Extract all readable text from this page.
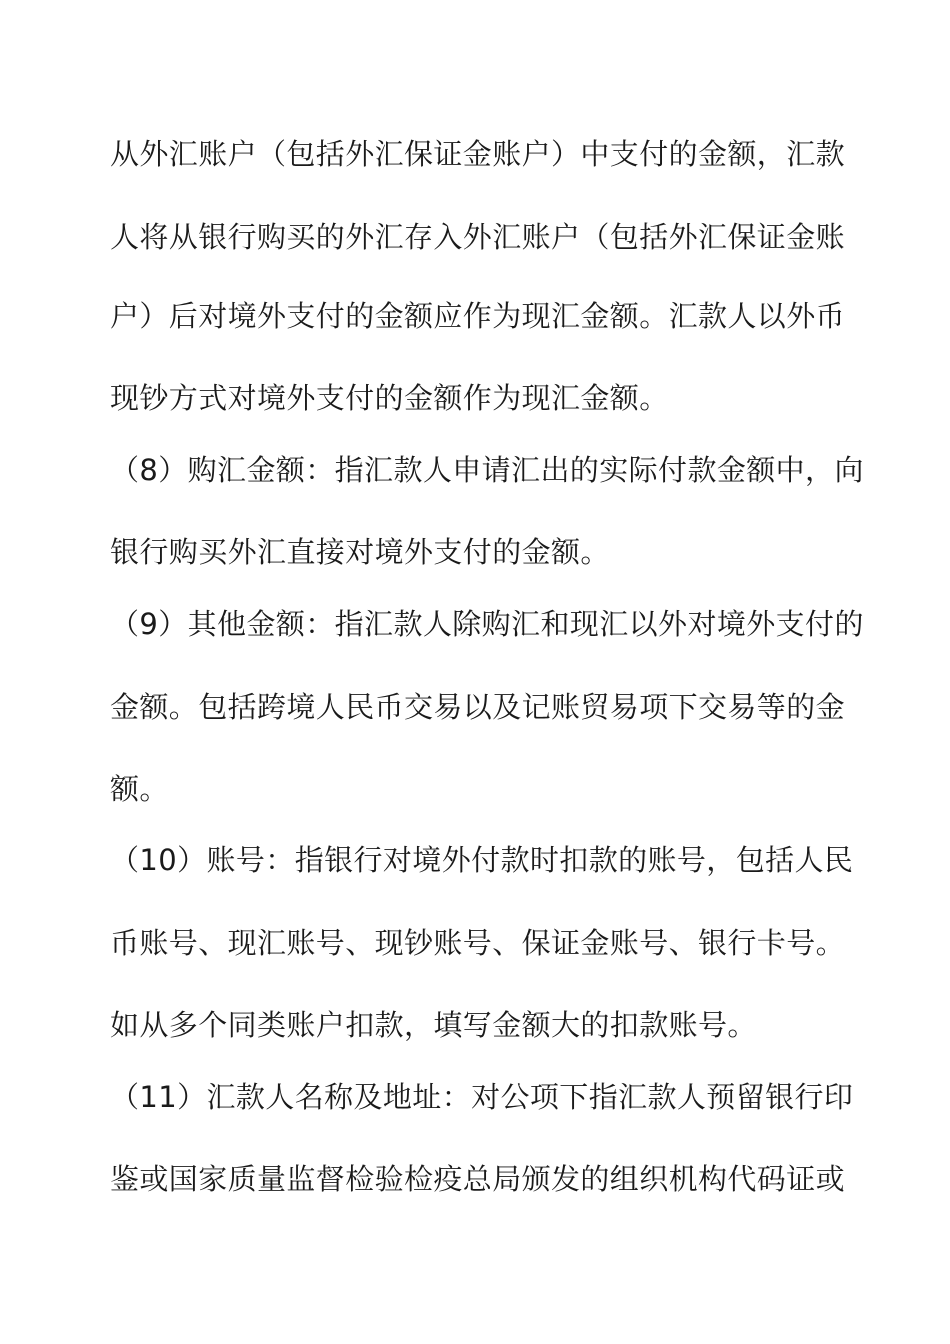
从外汇账户（包括外汇保证金账户）中支付的金额，汇款
人将从银行购买的外汇存入外汇账户（包括外汇保证金账
户）后对境外支付的金额应作为现汇金额。汇款人以外币
现钞方式对境外支付的金额作为现汇金额。
（8）购汇金额：指汇款人申请汇出的实际付款金额中，向
银行购买外汇直接对境外支付的金额。
（9）其他金额：指汇款人除购汇和现汇以外对境外支付的
金额。包括跨境人民币交易以及记账贸易项下交易等的金
额。
（10）账号：指银行对境外付款时扣款的账号，包括人民
币账号、现汇账号、现钞账号、保证金账号、银行卡号。
如从多个同类账户扣款，填写金额大的扣款账号。
（11）汇款人名称及地址：对公项下指汇款人预留银行印
鉴或国家质量监督检验检疫总局颁发的组织机构代码证或
